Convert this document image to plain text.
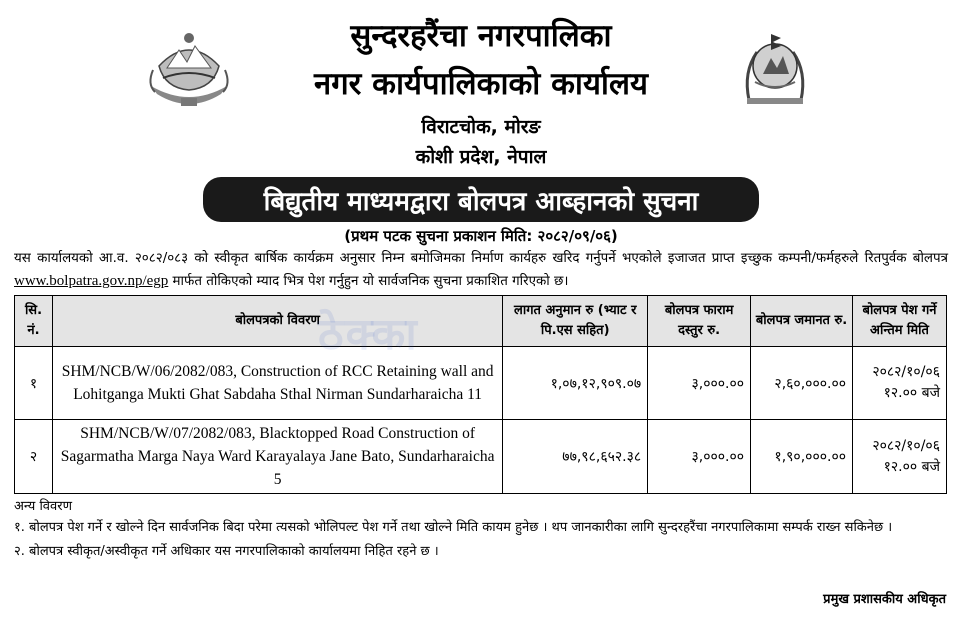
सुन्दरहरैंचा नगरपालिका
नगर कार्यपालिकाको कार्यालय
विराटचोक, मोरङ
कोशी प्रदेश, नेपाल
बिद्युतीय माध्यमद्वारा बोलपत्र आब्हानको सुचना
(प्रथम पटक सुचना प्रकाशन मिति: २०८२/०९/०६)
यस कार्यालयको आ.व. २०८२/०८३ को स्वीकृत बार्षिक कार्यक्रम अनुसार निम्न बमोजिमका निर्माण कार्यहरु खरिद गर्नुपर्ने भएकोले इजाजत प्राप्त इच्छुक कम्पनी/फर्महरुले रितपुर्वक बोलपत्र www.bolpatra.gov.np/egp मार्फत तोकिएको म्याद भित्र पेश गर्नुहुन यो सार्वजनिक सुचना प्रकाशित गरिएको छ।
सि. नं.	बोलपत्रको विवरण	लागत अनुमान रु (भ्याट र पि.एस सहित)	बोलपत्र फाराम दस्तुर रु.	बोलपत्र जमानत रु.	बोलपत्र पेश गर्ने अन्तिम मिति
१	SHM/NCB/W/06/2082/083, Construction of RCC Retaining wall and Lohitganga Mukti Ghat Sabdaha Sthal Nirman Sundarharaicha 11	१,०७,१२,९०९.०७	३,०००.००	२,६०,०००.००	२०८२/१०/०६
१२.०० बजे

२	SHM/NCB/W/07/2082/083, Blacktopped Road Construction of Sagarmatha Marga Naya Ward Karayalaya Jane Bato, Sundarharaicha 5	७७,९८,६५२.३८	३,०००.००	१,९०,०००.००	२०८२/१०/०६
१२.०० बजे
अन्य विवरण
१. बोलपत्र पेश गर्ने र खोल्ने दिन सार्वजनिक बिदा परेमा त्यसको भोलिपल्ट पेश गर्ने तथा खोल्ने मिति कायम हुनेछ । थप जानकारीका लागि सुन्दरहरैंचा नगरपालिकामा सम्पर्क राख्न सकिनेछ ।
२. बोलपत्र स्वीकृत/अस्वीकृत गर्ने अधिकार यस नगरपालिकाको कार्यालयमा निहित रहने छ ।
प्रमुख प्रशासकीय अधिकृत
